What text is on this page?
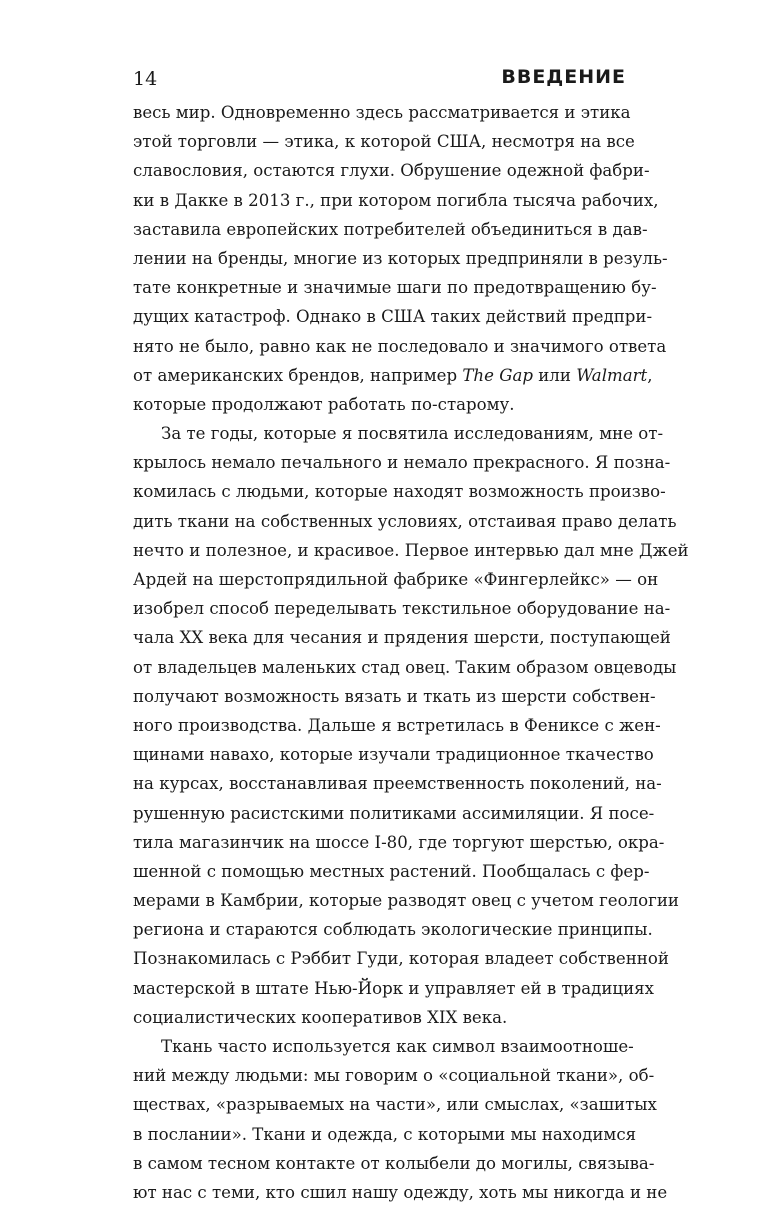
14	ВВЕДЕНИЕ
весь мир. Одновременно здесь рассматривается и этика
этой торговли — этика, к которой США, несмотря на все
славословия, остаются глухи. Обрушение одежной фабри-
ки в Дакке в 2013 г., при котором погибла тысяча рабочих,
заставила европейских потребителей объединиться в дав-
лении на бренды, многие из которых предприняли в резуль-
тате конкретные и значимые шаги по предотвращению бу-
дущих катастроф. Однако в США таких действий предпри-
нято не было, равно как не последовало и значимого ответа
от американских брендов, например The Gap или Walmart,
которые продолжают работать по-старому.
За те годы, которые я посвятила исследованиям, мне от-
крылось немало печального и немало прекрасного. Я позна-
комилась с людьми, которые находят возможность произво-
дить ткани на собственных условиях, отстаивая право делать
нечто и полезное, и красивое. Первое интервью дал мне Джей
Ардей на шерстопрядильной фабрике «Фингерлейкс» — он
изобрел способ переделывать текстильное оборудование на-
чала XX века для чесания и прядения шерсти, поступающей
от владельцев маленьких стад овец. Таким образом овцеводы
получают возможность вязать и ткать из шерсти собствен-
ного производства. Дальше я встретилась в Фениксе с жен-
щинами навахо, которые изучали традиционное ткачество
на курсах, восстанавливая преемственность поколений, на-
рушенную расистскими политиками ассимиляции. Я посе-
тила магазинчик на шоссе I-80, где торгуют шерстью, окра-
шенной с помощью местных растений. Пообщалась с фер-
мерами в Камбрии, которые разводят овец с учетом геологии
региона и стараются соблюдать экологические принципы.
Познакомилась с Рэббит Гуди, которая владеет собственной
мастерской в штате Нью-Йорк и управляет ей в традициях
социалистических кооперативов XIX века.
Ткань часто используется как символ взаимоотноше-
ний между людьми: мы говорим о «социальной ткани», об-
ществах, «разрываемых на части», или смыслах, «зашитых
в послании». Ткани и одежда, с которыми мы находимся
в самом тесном контакте от колыбели до могилы, связыва-
ют нас с теми, кто сшил нашу одежду, хоть мы никогда и не
